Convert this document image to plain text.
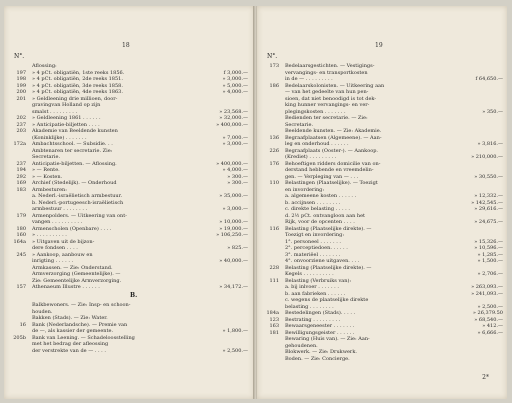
18
N°.
Aflossing:
197 » 4 pCt. obligatiën, 1ste reeks 1856.	f 3,000.—
198 » 4 pCt. obligatiën, 2de reeks 1851.	» 3,000.—
199 » 4 pCt. obligatiën, 3de reeks 1858.	» 5,000.—
200 » 4 pCt. obligatiën, 4de reeks 1863.	» 4,000.—
201 » Geldleening drie millioen, door-
gravingvan Holland op zijn
smalst . . . . . . . . .	» 23,568.—
202 » Geldleening 1861 . . . . . .	» 32,000.—
237 » Anticipatie-biljetten . . . .	» 400,000.—
203 Akademie van Beeldende kunsten
(Koninklijke) . . . . . . .	» 7,000.—
172a Ambachtsschool. — Subsidie. . .	» 3,000.—
Ambtenaren ter secretarie. Zie:
Secretarie.
237 Anticipatie-biljetten. — Aflossing.	» 400,000.—
194 » — Rente.	» 4,000.—
292 » — Kosten.	» 300.—
169 Archief (Stedelijk). — Onderhoud	» 300.—
183 Armbesturen:
a. Nederl.-israëlietisch armbestuur.	» 35,000.—
b. Nederl.-portugeesch-israëlietisch
armbestuur . . . . . . . .	» 3,000.—
179 Armenpolders. — Uitkeering van ont-
vangen . . . . . . . . . .	» 10,000.—
180 Armenscholen (Openbare) . . . .	» 19,000.—
160 » . . . . . . . . . .	» 106,250.—
164a » Uitgaven uit de bijzon-
dere fondsen . . . .	» 825.—
245 » Aankoop, aanbouw en
inrigting . . . . . .	» 40,000.—
Armkassen. — Zie: Onderstand.
Armverzorging (Gemeentelijke). —
Zie: Gemeentelijke Armverzorging.
157 Athenaeum Illustre . . . . . .	» 34,172.—
B.
Balkbewoners. — Zie: Insp- en schoon-
houden.
Bakken (Stads). — Zie: Water.
16 Bank (Nederlandsche). — Premie van
de —, als kassier der gemeente.	» 1,800.—
205b Bank van Leening. — Schadeloosstelling
met het bedrag der afleossing
der verstrekte van de — . . . .	» 2,500.—
19
N°.
173 Bedelaarsgestichten. — Vestigings-
vervangings- en transportkosten
in de — . . . . . . . . .	f 64,650.—
186 Bedelaarskolonisten. — Uitkeering aan
— van het gedeelte van hun pen-
sioen, dat niet benoodigd is tot dek-
king hunner vervangings- en ver-
plegingskosten . . . . . . .	» 350.—
Bedienden ter secretarie. — Zie:
Secretarie.
Beeldende kunsten. — Zie: Akademie.
136 Begraafplaatsen (Algemeene). — Aan-
leg en onderhoud . . . . . .	» 3,816.—
226 Begraafplaats (Ooster-). — Aankoop.
(Krediet) . . . . . . . . .	» 210,000.—
176 Behoeftigen ridders domicilie van on-
derstand hebbende en vreemdelin-
gen. — Verpleging van — . . .	» 30,550.—
110 Belastingen (Plaatselijke). — Toezigt
en invordering:
a. algemeene kosten . . . . . .	» 12,332.—
b. accijnsen . . . . . . . .	» 142,545.—
c. direkte belasting . . . . .	» 29,616.—
d. 2½ pCt. ontvangloon aan het
Rijk, voor de opcenten . . . .	» 24,675.—
116 Belasting (Plaatselijke direkte). —
Toezigt en invordering:
1°. personeel . . . . . . .	» 15,326.—
2°. perceptiedoen. . . . . .	» 10,596.—
3°. materiëel . . . . . . .	» 1,285.—
4°. onvoorziene uitgaven. . . .	» 1,500.—
228 Belasting (Plaatselijke direkte). —
Kegels . . . . . . . . . .	» 2,706.—
111 Belasting (Verbruiks van):
a. bij inlvoer . . . . . . .	» 263,093.—
b. aan fabrieken . . . . . .	» 241,093.—
c. wegens de plaatselijke direkte
belasting . . . . . . . .	» 2,500.—
184a Bestedelingen (Stads). . . . .	» 26,379.50
123 Bestrating . . . . . . . . .	» 68,540.—
163 Bewaarsgeneester . . . . . . .	» 412.—
181 Bewilligungsgeister . . . . . .	» 6,666.—
Bewaring (Huis van). — Zie: Aan-
gehoudenen.
Blokwerk. — Zie: Drukwerk.
Boden. — Zie: Concierge.
2*
